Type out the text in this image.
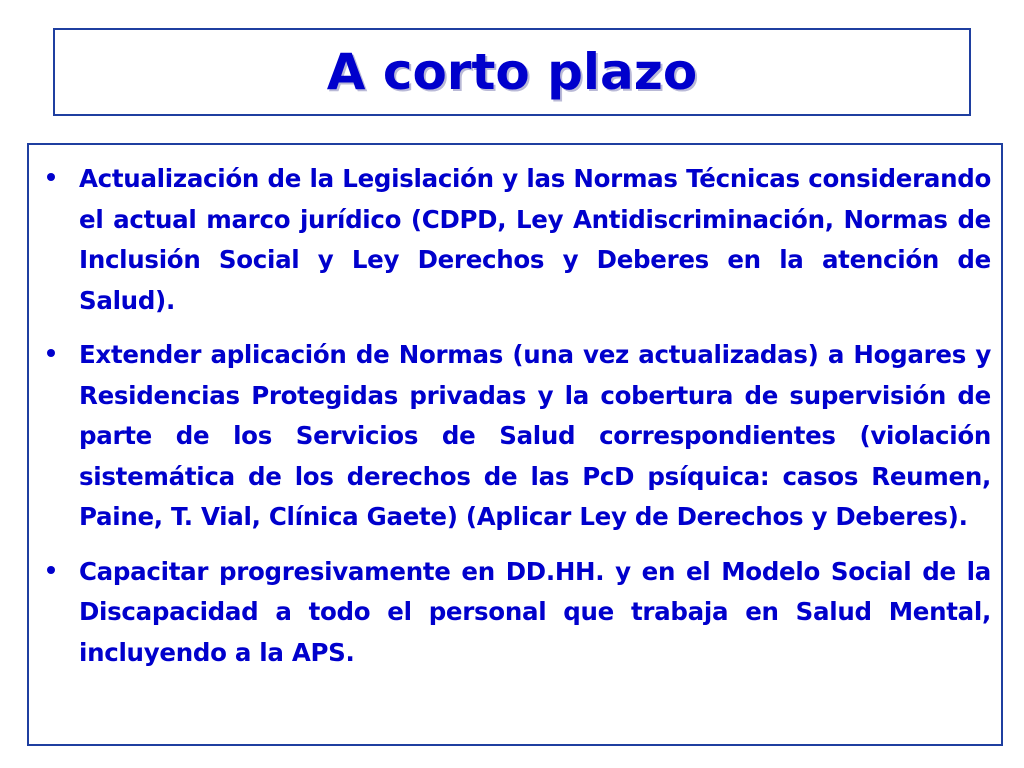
A corto plazo

Actualización de la Legislación y las Normas Técnicas considerando el actual marco jurídico (CDPD, Ley Antidiscriminación, Normas de Inclusión Social y Ley Derechos y Deberes en la atención de Salud).

Extender aplicación de Normas (una vez actualizadas) a Hogares y Residencias Protegidas privadas y la cobertura de supervisión de parte de los Servicios de Salud correspondientes (violación sistemática de los derechos de las PcD psíquica: casos Reumen, Paine, T. Vial, Clínica Gaete) (Aplicar Ley de Derechos y Deberes).

Capacitar progresivamente en DD.HH. y en el Modelo Social de la Discapacidad a todo el personal que trabaja en Salud Mental, incluyendo a la APS.
